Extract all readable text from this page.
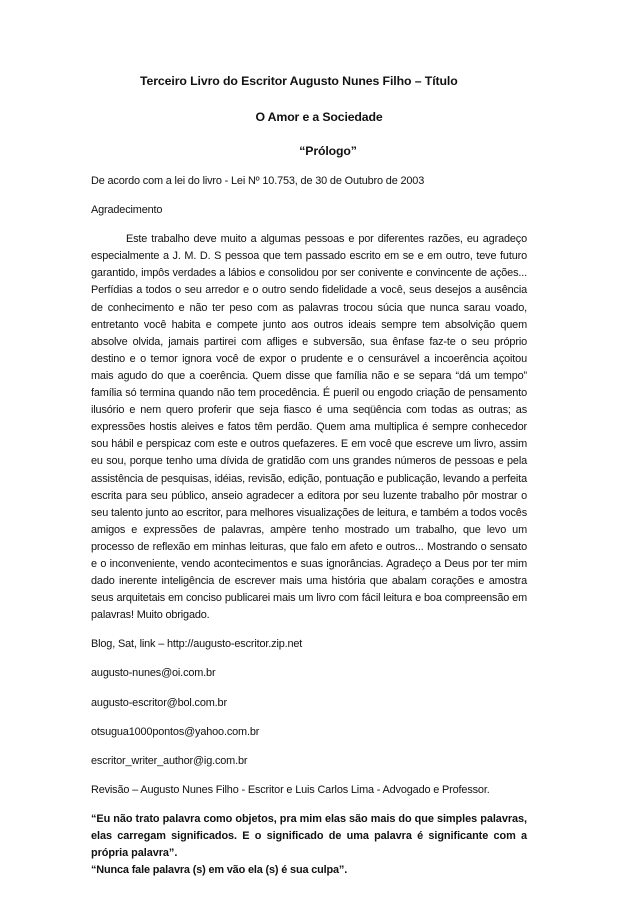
Terceiro Livro do Escritor Augusto Nunes Filho – Título
O Amor e a Sociedade
“Prólogo”
De acordo com a lei do livro - Lei Nº 10.753, de 30 de Outubro de 2003
Agradecimento
Este trabalho deve muito a algumas pessoas e por diferentes razões, eu agradeço especialmente a J. M. D. S pessoa que tem passado escrito em se e em outro, teve futuro garantido, impôs verdades a lábios e consolidou por ser conivente e convincente de ações... Perfídias a todos o seu arredor e o outro sendo fidelidade a você, seus desejos a ausência de conhecimento e não ter peso com as palavras trocou súcia que nunca sarau voado, entretanto você habita e compete junto aos outros ideais sempre tem absolvição quem absolve olvida, jamais partirei com afliges e subversão, sua ênfase faz-te o seu próprio destino e o temor ignora você de expor o prudente e o censurável a incoerência açoitou mais agudo do que a coerência. Quem disse que família não e se separa “dá um tempo” família só termina quando não tem procedência. É pueril ou engodo criação de pensamento ilusório e nem quero proferir que seja fiasco é uma seqüência com todas as outras; as expressões hostis aleives e fatos têm perdão. Quem ama multiplica é sempre conhecedor sou hábil e perspicaz com este e outros quefazeres. E em você que escreve um livro, assim eu sou, porque tenho uma dívida de gratidão com uns grandes números de pessoas e pela assistência de pesquisas, idéias, revisão, edição, pontuação e publicação, levando a perfeita escrita para seu público, anseio agradecer a editora por seu luzente trabalho pôr mostrar o seu talento junto ao escritor, para melhores visualizações de leitura, e também a todos vocês amigos e expressões de palavras, ampère tenho mostrado um trabalho, que levo um processo de reflexão em minhas leituras, que falo em afeto e outros... Mostrando o sensato e o inconveniente, vendo acontecimentos e suas ignorâncias. Agradeço a Deus por ter mim dado inerente inteligência de escrever mais uma história que abalam corações e amostra seus arquitetais em conciso publicarei mais um livro com fácil leitura e boa compreensão em palavras! Muito obrigado.
Blog, Sat, link – http://augusto-escritor.zip.net
augusto-nunes@oi.com.br
augusto-escritor@bol.com.br
otsugua1000pontos@yahoo.com.br
escritor_writer_author@ig.com.br
Revisão – Augusto Nunes Filho - Escritor e Luis Carlos Lima - Advogado e Professor.
“Eu não trato palavra como objetos, pra mim elas são mais do que simples palavras, elas carregam significados. E o significado de uma palavra é significante com a própria palavra”.
“Nunca fale palavra (s) em vão ela (s) é sua culpa”.
